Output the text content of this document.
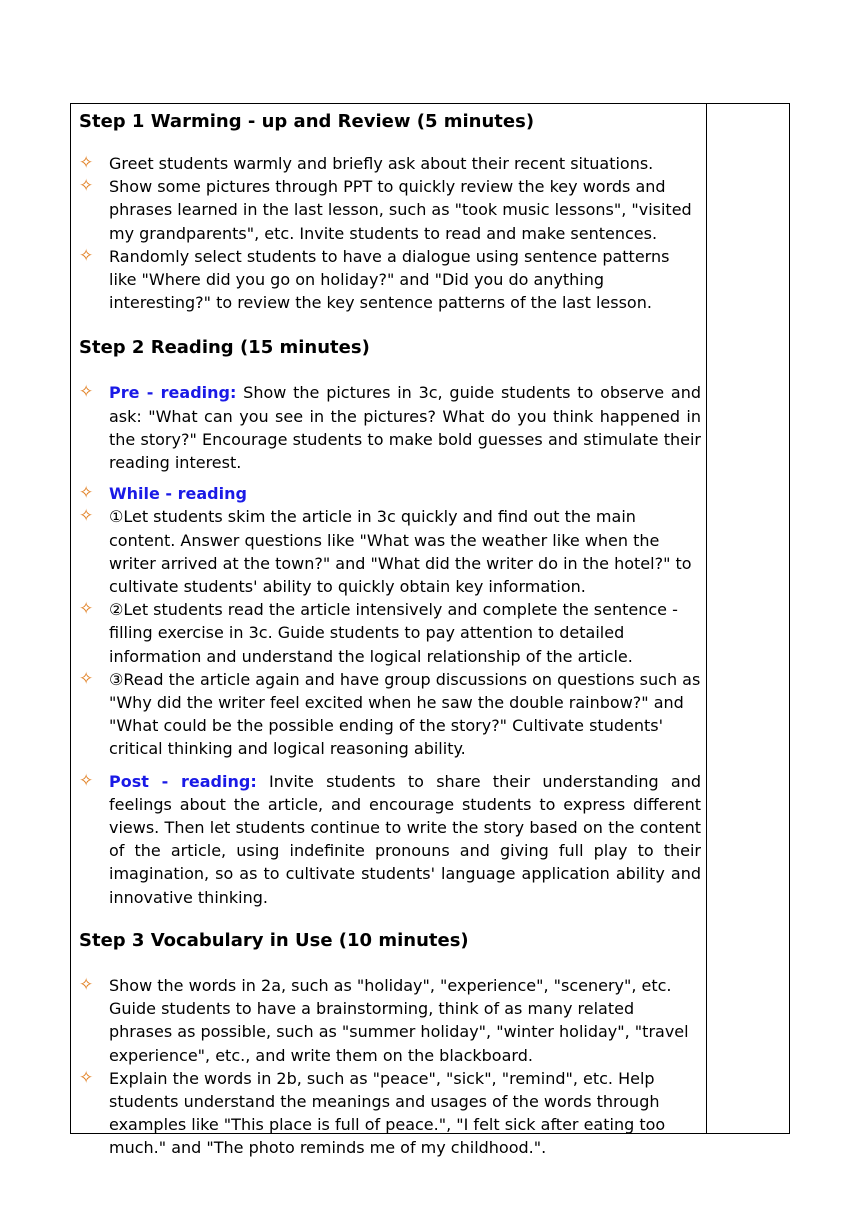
Step 1 Warming - up and Review (5 minutes)
✧ Greet students warmly and briefly ask about their recent situations.
✧ Show some pictures through PPT to quickly review the key words and phrases learned in the last lesson, such as "took music lessons", "visited my grandparents", etc. Invite students to read and make sentences.
✧ Randomly select students to have a dialogue using sentence patterns like "Where did you go on holiday?" and "Did you do anything interesting?" to review the key sentence patterns of the last lesson.
Step 2 Reading (15 minutes)
✧ Pre - reading: Show the pictures in 3c, guide students to observe and ask: "What can you see in the pictures? What do you think happened in the story?" Encourage students to make bold guesses and stimulate their reading interest.
✧ While - reading
✧ ①Let students skim the article in 3c quickly and find out the main content. Answer questions like "What was the weather like when the writer arrived at the town?" and "What did the writer do in the hotel?" to cultivate students' ability to quickly obtain key information.
✧ ②Let students read the article intensively and complete the sentence - filling exercise in 3c. Guide students to pay attention to detailed information and understand the logical relationship of the article.
✧ ③Read the article again and have group discussions on questions such as "Why did the writer feel excited when he saw the double rainbow?" and "What could be the possible ending of the story?" Cultivate students' critical thinking and logical reasoning ability.
✧ Post - reading: Invite students to share their understanding and feelings about the article, and encourage students to express different views. Then let students continue to write the story based on the content of the article, using indefinite pronouns and giving full play to their imagination, so as to cultivate students' language application ability and innovative thinking.
Step 3 Vocabulary in Use (10 minutes)
✧ Show the words in 2a, such as "holiday", "experience", "scenery", etc. Guide students to have a brainstorming, think of as many related phrases as possible, such as "summer holiday", "winter holiday", "travel experience", etc., and write them on the blackboard.
✧ Explain the words in 2b, such as "peace", "sick", "remind", etc. Help students understand the meanings and usages of the words through examples like "This place is full of peace.", "I felt sick after eating too much." and "The photo reminds me of my childhood.".
